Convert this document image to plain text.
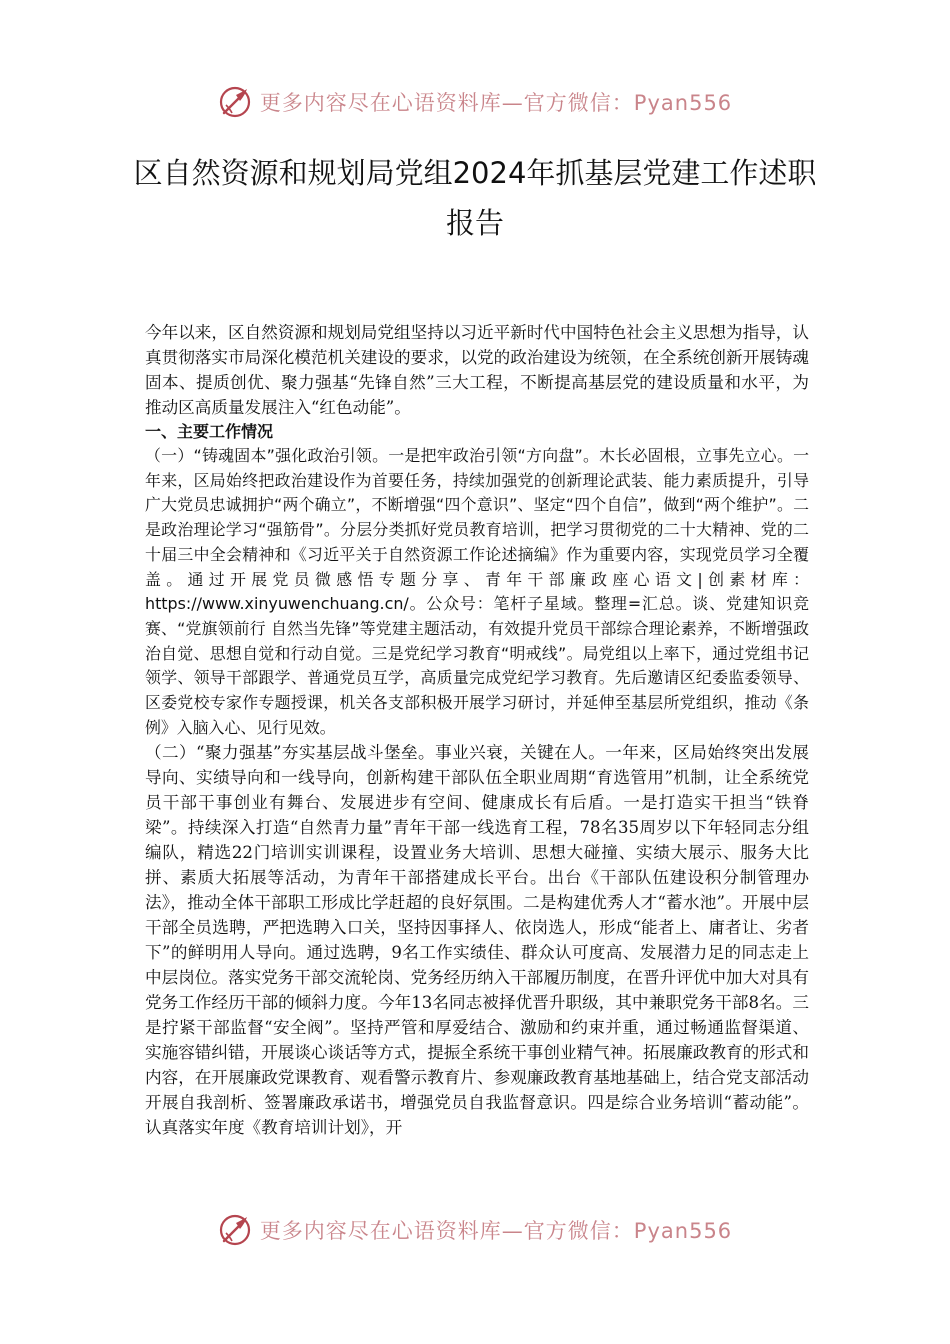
更多内容尽在心语资料库—官方微信：Pyan556
区自然资源和规划局党组2024年抓基层党建工作述职报告

今年以来，区自然资源和规划局党组坚持以习近平新时代中国特色社会主义思想为指导，认真贯彻落实市局深化模范机关建设的要求，以党的政治建设为统领，在全系统创新开展铸魂固本、提质创优、聚力强基“先锋自然”三大工程，不断提高基层党的建设质量和水平，为推动区高质量发展注入“红色动能”。

一、主要工作情况

（一）“铸魂固本”强化政治引领。一是把牢政治引领“方向盘”。木长必固根，立事先立心。一年来，区局始终把政治建设作为首要任务，持续加强党的创新理论武装、能力素质提升，引导广大党员忠诚拥护“两个确立”，不断增强“四个意识”、坚定“四个自信”，做到“两个维护”。二是政治理论学习“强筋骨”。分层分类抓好党员教育培训，把学习贯彻党的二十大精神、党的二十届三中全会精神和《习近平关于自然资源工作论述摘编》作为重要内容，实现党员学习全覆盖。通过开展党员微感悟专题分享、青年干部廉政座心语文|创素材库：https://www.xinyuwenchuang.cn/。公众号：笔杆子星域。整理=汇总。谈、党建知识竞赛、“党旗领前行 自然当先锋”等党建主题活动，有效提升党员干部综合理论素养，不断增强政治自觉、思想自觉和行动自觉。三是党纪学习教育“明戒线”。局党组以上率下，通过党组书记领学、领导干部跟学、普通党员互学，高质量完成党纪学习教育。先后邀请区纪委监委领导、区委党校专家作专题授课，机关各支部积极开展学习研讨，并延伸至基层所党组织，推动《条例》入脑入心、见行见效。

（二）“聚力强基”夯实基层战斗堡垒。事业兴衰，关键在人。一年来，区局始终突出发展导向、实绩导向和一线导向，创新构建干部队伍全职业周期“育选管用”机制，让全系统党员干部干事创业有舞台、发展进步有空间、健康成长有后盾。一是打造实干担当“铁脊梁”。持续深入打造“自然青力量”青年干部一线选育工程，78名35周岁以下年轻同志分组编队，精选22门培训实训课程，设置业务大培训、思想大碰撞、实绩大展示、服务大比拼、素质大拓展等活动，为青年干部搭建成长平台。出台《干部队伍建设积分制管理办法》，推动全体干部职工形成比学赶超的良好氛围。二是构建优秀人才“蓄水池”。开展中层干部全员选聘，严把选聘入口关，坚持因事择人、依岗选人，形成“能者上、庸者让、劣者下”的鲜明用人导向。通过选聘，9名工作实绩佳、群众认可度高、发展潜力足的同志走上中层岗位。落实党务干部交流轮岗、党务经历纳入干部履历制度，在晋升评优中加大对具有党务工作经历干部的倾斜力度。今年13名同志被择优晋升职级，其中兼职党务干部8名。三是拧紧干部监督“安全阀”。坚持严管和厚爱结合、激励和约束并重，通过畅通监督渠道、实施容错纠错，开展谈心谈话等方式，提振全系统干事创业精气神。拓展廉政教育的形式和内容，在开展廉政党课教育、观看警示教育片、参观廉政教育基地基础上，结合党支部活动开展自我剖析、签署廉政承诺书，增强党员自我监督意识。四是综合业务培训“蓄动能”。认真落实年度《教育培训计划》，开

更多内容尽在心语资料库—官方微信：Pyan556
